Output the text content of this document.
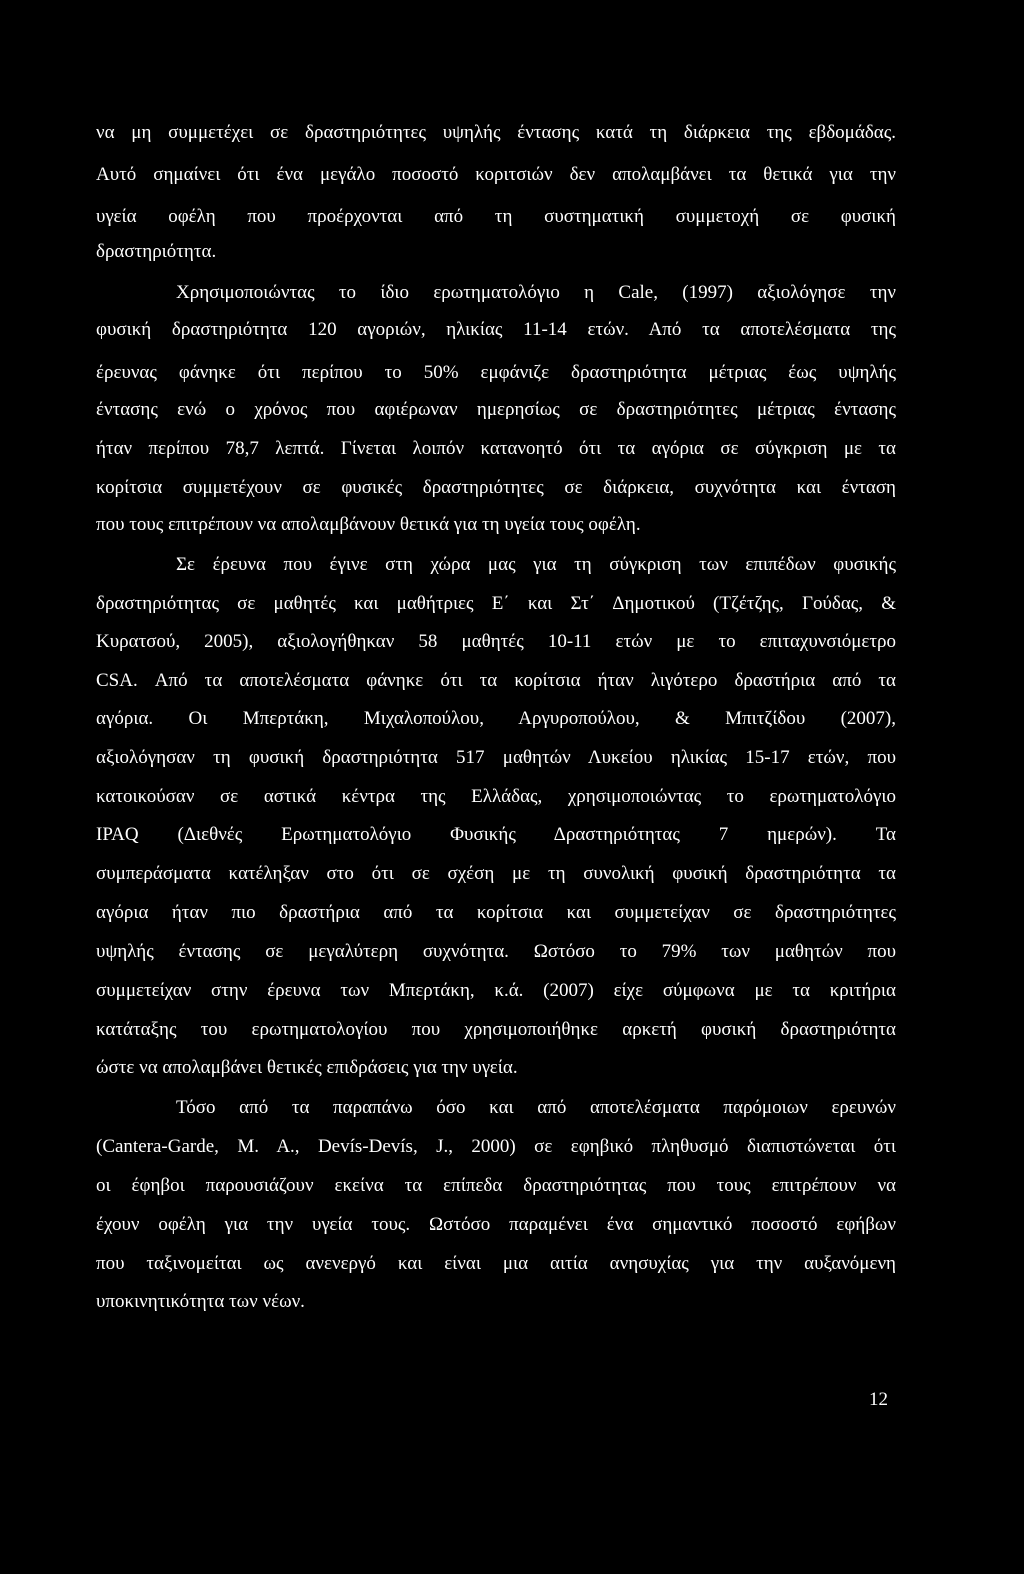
να μη συμμετέχει σε δραστηριότητες υψηλής έντασης κατά τη διάρκεια της εβδομάδας.
Αυτό σημαίνει ότι ένα μεγάλο ποσοστό κοριτσιών δεν απολαμβάνει τα θετικά για την
υγεία οφέλη που προέρχονται από τη συστηματική συμμετοχή σε φυσική
δραστηριότητα.
Χρησιμοποιώντας το ίδιο ερωτηματολόγιο η Cale, (1997) αξιολόγησε την
φυσική δραστηριότητα 120 αγοριών, ηλικίας 11-14 ετών. Από τα αποτελέσματα της
έρευνας φάνηκε ότι περίπου το 50% εμφάνιζε δραστηριότητα μέτριας έως υψηλής
έντασης ενώ ο χρόνος που αφιέρωναν ημερησίως σε δραστηριότητες μέτριας έντασης
ήταν περίπου 78,7 λεπτά. Γίνεται λοιπόν κατανοητό ότι τα αγόρια σε σύγκριση με τα
κορίτσια συμμετέχουν σε φυσικές δραστηριότητες σε διάρκεια, συχνότητα και ένταση
που τους επιτρέπουν να απολαμβάνουν θετικά για τη υγεία τους οφέλη.
Σε έρευνα που έγινε στη χώρα μας για τη σύγκριση των επιπέδων φυσικής
δραστηριότητας σε μαθητές και μαθήτριες Ε΄ και Στ΄ Δημοτικού (Τζέτζης, Γούδας, &
Κυρατσού, 2005), αξιολογήθηκαν 58 μαθητές 10-11 ετών με το επιταχυνσιόμετρο
CSA. Από τα αποτελέσματα φάνηκε ότι τα κορίτσια ήταν λιγότερο δραστήρια από τα
αγόρια. Οι Μπερτάκη, Μιχαλοπούλου, Αργυροπούλου, & Μπιτζίδου (2007),
αξιολόγησαν τη φυσική δραστηριότητα 517 μαθητών Λυκείου ηλικίας 15-17 ετών, που
κατοικούσαν σε αστικά κέντρα της Ελλάδας, χρησιμοποιώντας το ερωτηματολόγιο
IPAQ (Διεθνές Ερωτηματολόγιο Φυσικής Δραστηριότητας 7 ημερών). Τα
συμπεράσματα κατέληξαν στο ότι σε σχέση με τη συνολική φυσική δραστηριότητα τα
αγόρια ήταν πιο δραστήρια από τα κορίτσια και συμμετείχαν σε δραστηριότητες
υψηλής έντασης σε μεγαλύτερη συχνότητα. Ωστόσο το 79% των μαθητών που
συμμετείχαν στην έρευνα των Μπερτάκη, κ.ά. (2007) είχε σύμφωνα με τα κριτήρια
κατάταξης του ερωτηματολογίου που χρησιμοποιήθηκε αρκετή φυσική δραστηριότητα
ώστε να απολαμβάνει θετικές επιδράσεις για την υγεία.
Τόσο από τα παραπάνω όσο και από αποτελέσματα παρόμοιων ερευνών
(Cantera-Garde, M. A., Devís-Devís, J., 2000) σε εφηβικό πληθυσμό διαπιστώνεται ότι
οι έφηβοι παρουσιάζουν εκείνα τα επίπεδα δραστηριότητας που τους επιτρέπουν να
έχουν οφέλη για την υγεία τους. Ωστόσο παραμένει ένα σημαντικό ποσοστό εφήβων
που ταξινομείται ως ανενεργό και είναι μια αιτία ανησυχίας για την αυξανόμενη
υποκινητικότητα των νέων.
12
